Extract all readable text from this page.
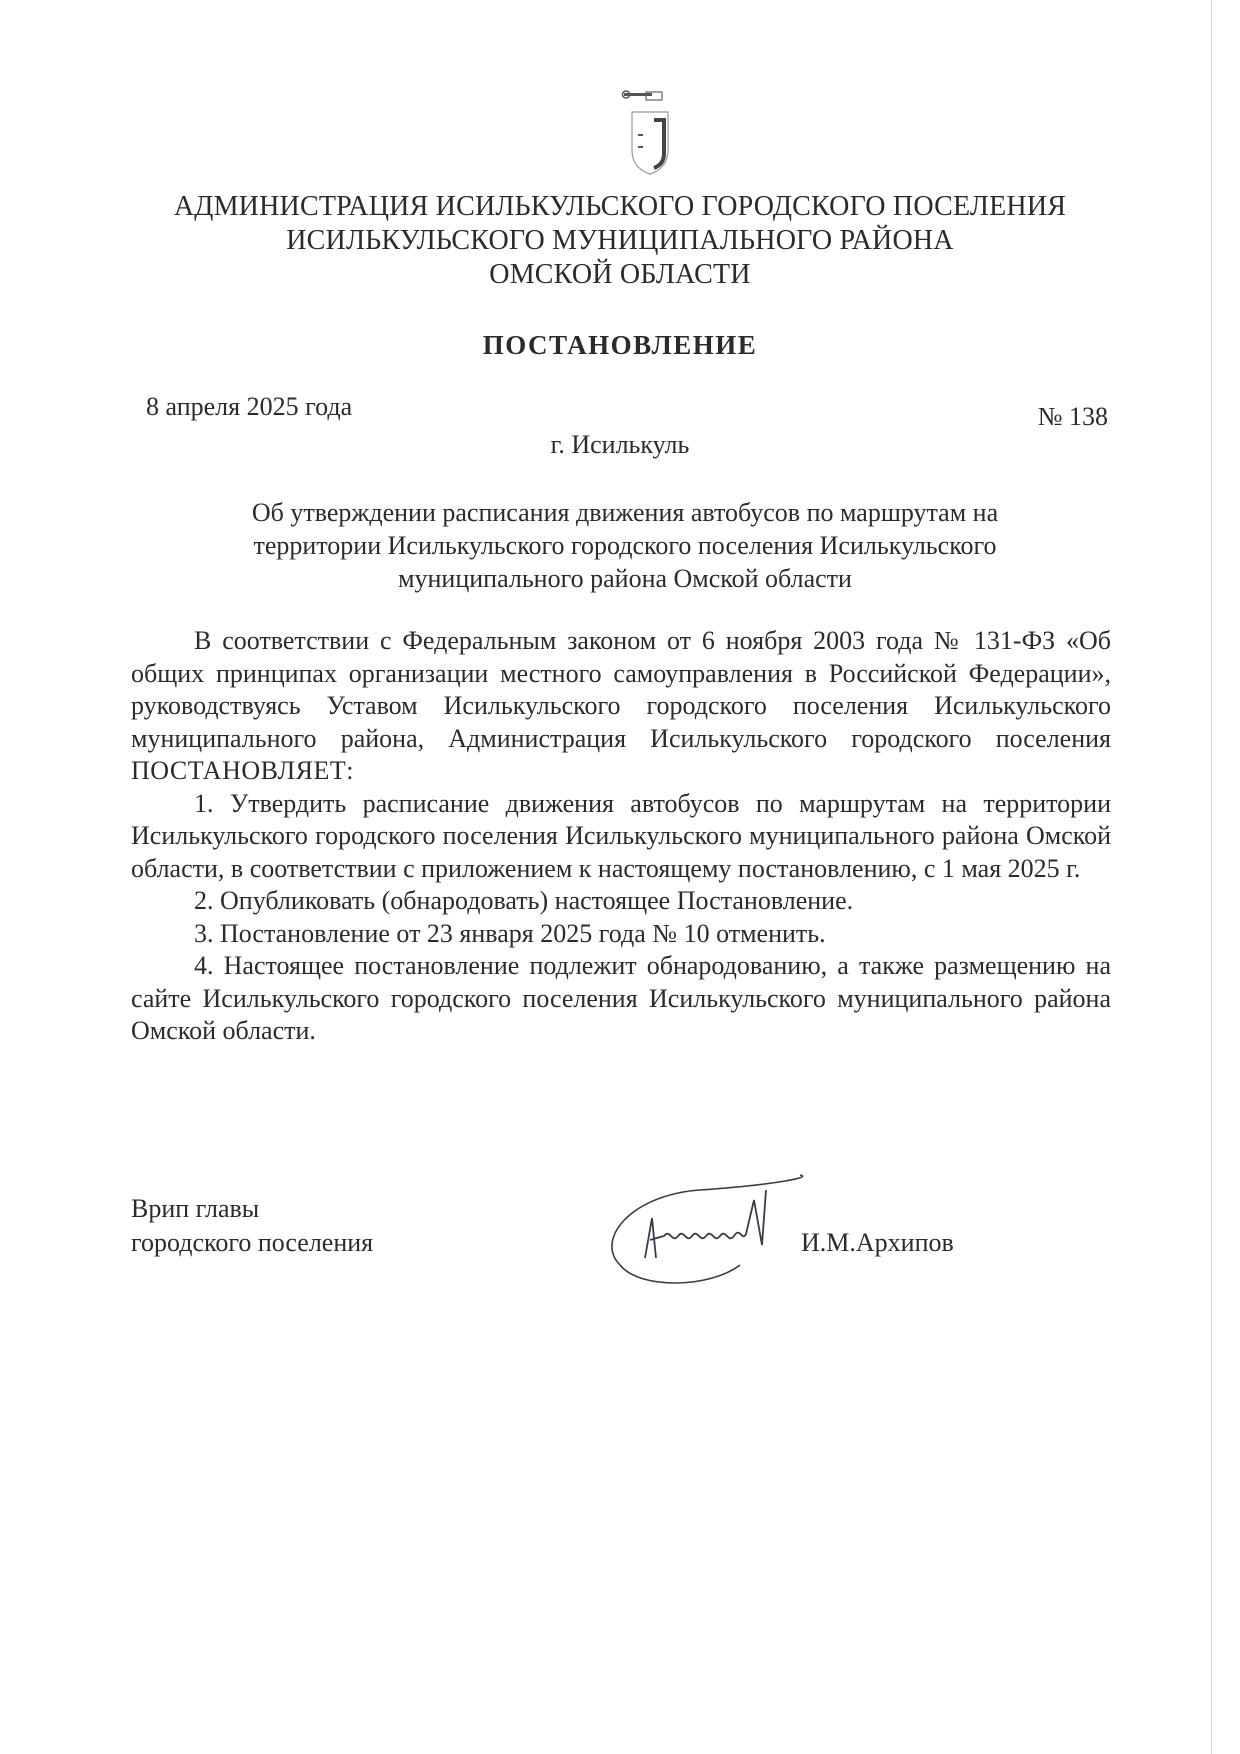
АДМИНИСТРАЦИЯ ИСИЛЬКУЛЬСКОГО ГОРОДСКОГО ПОСЕЛЕНИЯ
ИСИЛЬКУЛЬСКОГО МУНИЦИПАЛЬНОГО РАЙОНА
ОМСКОЙ ОБЛАСТИ
ПОСТАНОВЛЕНИЕ
8 апреля 2025 года	№ 138
г. Исилькуль
Об утверждении расписания движения автобусов по маршрутам на
территории Исилькульского городского поселения Исилькульского
муниципального района Омской области

В соответствии с Федеральным законом от 6 ноября 2003 года № 131-ФЗ «Об общих принципах организации местного самоуправления в Российской Федерации», руководствуясь Уставом Исилькульского городского поселения Исилькульского муниципального района, Администрация Исилькульского городского поселения ПОСТАНОВЛЯЕТ:

1. Утвердить расписание движения автобусов по маршрутам на территории Исилькульского городского поселения Исилькульского муниципального района Омской области, в соответствии с приложением к настоящему постановлению, с 1 мая 2025 г.

2. Опубликовать (обнародовать) настоящее Постановление.

3. Постановление от 23 января 2025 года № 10 отменить.

4. Настоящее постановление подлежит обнародованию, а также размещению на сайте Исилькульского городского поселения Исилькульского муниципального района Омской области.

Врип главы
городского поселения	И.М.Архипов
